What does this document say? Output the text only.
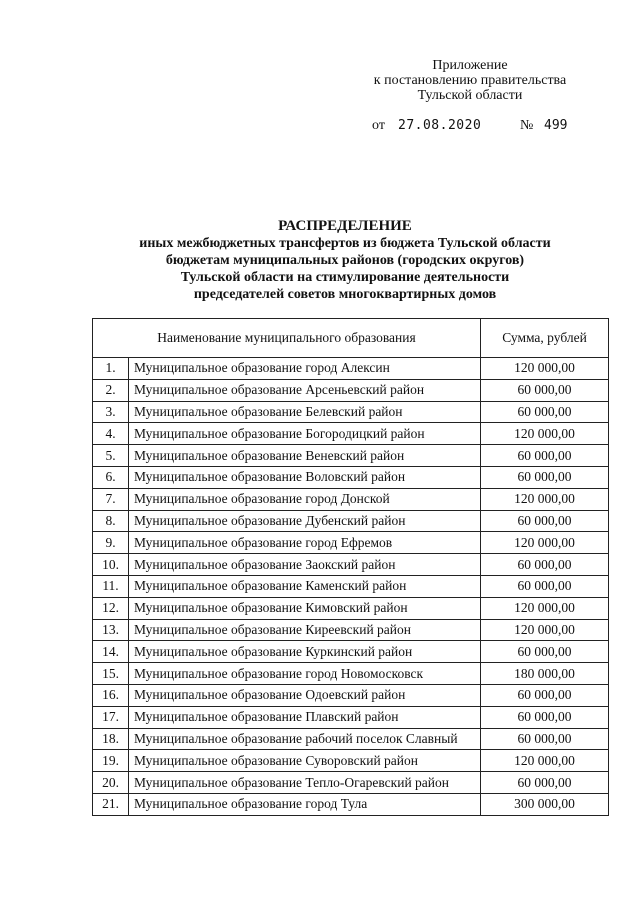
Приложение
к постановлению правительства
Тульской области
от 27.08.2020	№ 499
РАСПРЕДЕЛЕНИЕ
иных межбюджетных трансфертов из бюджета Тульской области
бюджетам муниципальных районов (городских округов)
Тульской области на стимулирование деятельности
председателей советов многоквартирных домов
Наименование муниципального образования		Сумма, рублей
1.	Муниципальное образование город Алексин	120 000,00
2.	Муниципальное образование Арсеньевский район	60 000,00
3.	Муниципальное образование Белевский район	60 000,00
4.	Муниципальное образование Богородицкий район	120 000,00
5.	Муниципальное образование Веневский район	60 000,00
6.	Муниципальное образование Воловский район	60 000,00
7.	Муниципальное образование город Донской	120 000,00
8.	Муниципальное образование Дубенский район	60 000,00
9.	Муниципальное образование город Ефремов	120 000,00
10.	Муниципальное образование Заокский район	60 000,00
11.	Муниципальное образование Каменский район	60 000,00
12.	Муниципальное образование Кимовский район	120 000,00
13.	Муниципальное образование Киреевский район	120 000,00
14.	Муниципальное образование Куркинский район	60 000,00
15.	Муниципальное образование город Новомосковск	180 000,00
16.	Муниципальное образование Одоевский район	60 000,00
17.	Муниципальное образование Плавский район	60 000,00
18.	Муниципальное образование рабочий поселок Славный	60 000,00
19.	Муниципальное образование Суворовский район	120 000,00
20.	Муниципальное образование Тепло-Огаревский район	60 000,00
21.	Муниципальное образование город Тула	300 000,00
